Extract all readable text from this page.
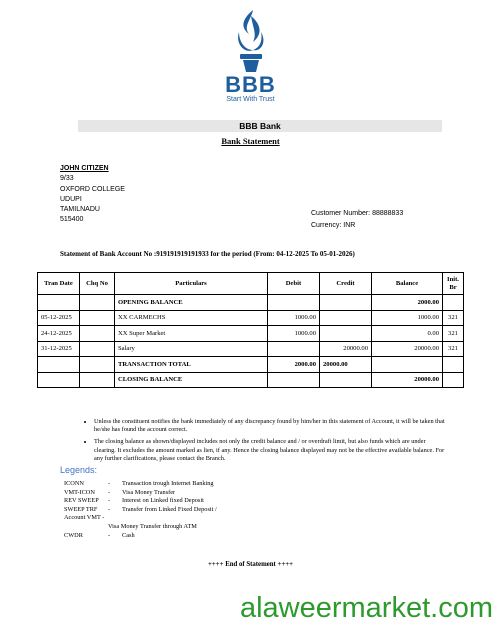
BBB
Start With Trust
BBB Bank
Bank Statement
JOHN CITIZEN
9/33
OXFORD COLLEGE
UDUPI
TAMILNADU
515400
Customer Number: 88888833
Currency: INR
Statement of Bank Account No :919191919191933 for the period (From: 04-12-2025 To 05-01-2026)
Tran Date	Chq No	Particulars	Debit	Credit	Balance	Init. Br
		OPENING BALANCE			2000.00	
05-12-2025		XX CARMECHS	1000.00		1000.00	321
24-12-2025		XX Super Market	1000.00		0.00	321
31-12-2025		Salary		20000.00	20000.00	321
		TRANSACTION TOTAL	2000.00	20000.00		
		CLOSING BALANCE			20000.00	
• Unless the constituent notifies the bank immediately of any discrepancy found by him/her in this statement of Account, it will be taken that he/she has found the account correct.
• The closing balance as shown/displayed includes not only the credit balance and / or overdraft limit, but also funds which are under clearing. It excludes the amount marked as lien, if any. Hence the closing balance displayed may not be the effective available balance. For any further clarifications, please contact the Branch.
Legends:
ICONN	- Transaction trough Internet Banking
VMT-ICON - Visa Money Transfer
REV SWEEP - Interest on Linked fixed Deposit
SWEEP TRF - Transfer from Linked Fixed Deposit / Account VMT -
Visa Money Transfer through ATM
CWDR	- Cash
++++ End of Statement ++++
alaweermarket.com
